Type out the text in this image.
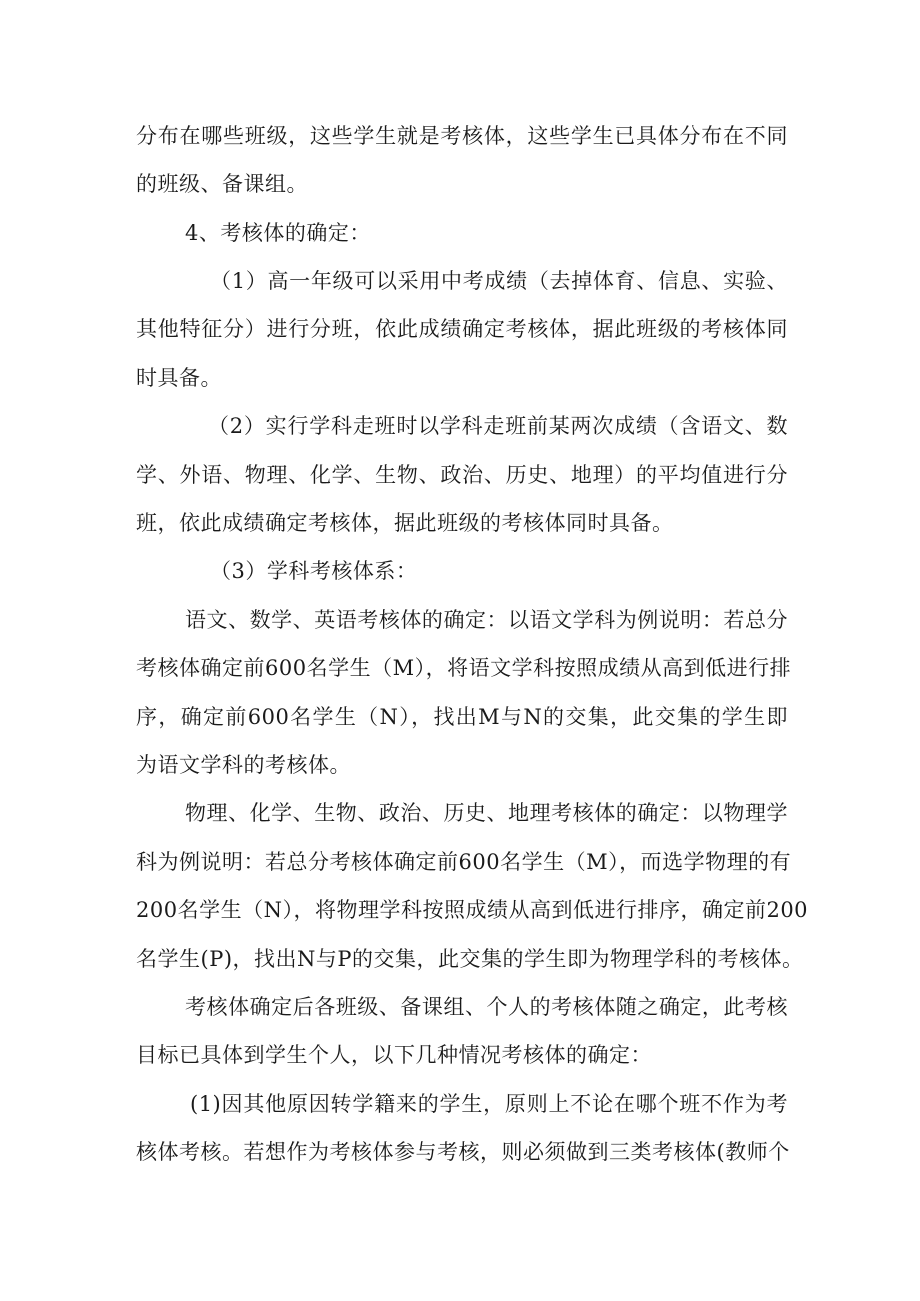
分布在哪些班级，这些学生就是考核体，这些学生已具体分布在不同
的班级、备课组。
4、考核体的确定：
（1）高一年级可以采用中考成绩（去掉体育、信息、实验、
其他特征分）进行分班，依此成绩确定考核体，据此班级的考核体同
时具备。
（2）实行学科走班时以学科走班前某两次成绩（含语文、数
学、外语、物理、化学、生物、政治、历史、地理）的平均值进行分
班，依此成绩确定考核体，据此班级的考核体同时具备。
（3）学科考核体系：
语文、数学、英语考核体的确定：以语文学科为例说明：若总分
考核体确定前600名学生（M），将语文学科按照成绩从高到低进行排
序，确定前600名学生（N），找出M与N的交集，此交集的学生即
为语文学科的考核体。
物理、化学、生物、政治、历史、地理考核体的确定：以物理学
科为例说明：若总分考核体确定前600名学生（M），而选学物理的有
200名学生（N），将物理学科按照成绩从高到低进行排序，确定前200
名学生(P)，找出N与P的交集，此交集的学生即为物理学科的考核体。
考核体确定后各班级、备课组、个人的考核体随之确定，此考核
目标已具体到学生个人，以下几种情况考核体的确定：
(1)因其他原因转学籍来的学生，原则上不论在哪个班不作为考
核体考核。若想作为考核体参与考核，则必须做到三类考核体(教师个
